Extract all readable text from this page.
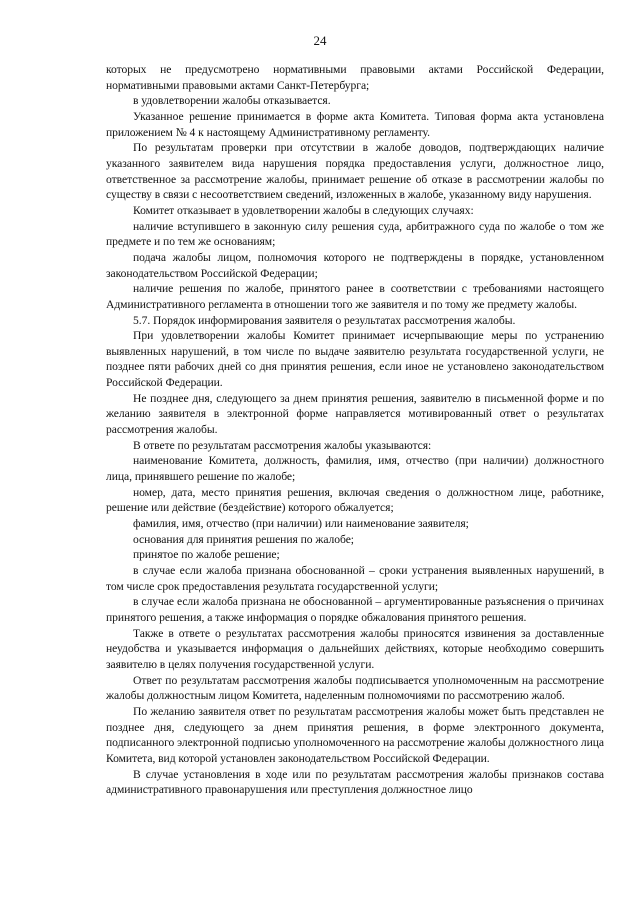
24

которых не предусмотрено нормативными правовыми актами Российской Федерации, нормативными правовыми актами Санкт-Петербурга;

в удовлетворении жалобы отказывается.

Указанное решение принимается в форме акта Комитета. Типовая форма акта установлена приложением № 4 к настоящему Административному регламенту.

По результатам проверки при отсутствии в жалобе доводов, подтверждающих наличие указанного заявителем вида нарушения порядка предоставления услуги, должностное лицо, ответственное за рассмотрение жалобы, принимает решение об отказе в рассмотрении жалобы по существу в связи с несоответствием сведений, изложенных в жалобе, указанному виду нарушения.

Комитет отказывает в удовлетворении жалобы в следующих случаях:

наличие вступившего в законную силу решения суда, арбитражного суда по жалобе о том же предмете и по тем же основаниям;

подача жалобы лицом, полномочия которого не подтверждены в порядке, установленном законодательством Российской Федерации;

наличие решения по жалобе, принятого ранее в соответствии с требованиями настоящего Административного регламента в отношении того же заявителя и по тому же предмету жалобы.

5.7. Порядок информирования заявителя о результатах рассмотрения жалобы.

При удовлетворении жалобы Комитет принимает исчерпывающие меры по устранению выявленных нарушений, в том числе по выдаче заявителю результата государственной услуги, не позднее пяти рабочих дней со дня принятия решения, если иное не установлено законодательством Российской Федерации.

Не позднее дня, следующего за днем принятия решения, заявителю в письменной форме и по желанию заявителя в электронной форме направляется мотивированный ответ о результатах рассмотрения жалобы.

В ответе по результатам рассмотрения жалобы указываются:

наименование Комитета, должность, фамилия, имя, отчество (при наличии) должностного лица, принявшего решение по жалобе;

номер, дата, место принятия решения, включая сведения о должностном лице, работнике, решение или действие (бездействие) которого обжалуется;

фамилия, имя, отчество (при наличии) или наименование заявителя;

основания для принятия решения по жалобе;

принятое по жалобе решение;

в случае если жалоба признана обоснованной – сроки устранения выявленных нарушений, в том числе срок предоставления результата государственной услуги;

в случае если жалоба признана не обоснованной – аргументированные разъяснения о причинах принятого решения, а также информация о порядке обжалования принятого решения.

Также в ответе о результатах рассмотрения жалобы приносятся извинения за доставленные неудобства и указывается информация о дальнейших действиях, которые необходимо совершить заявителю в целях получения государственной услуги.

Ответ по результатам рассмотрения жалобы подписывается уполномоченным на рассмотрение жалобы должностным лицом Комитета, наделенным полномочиями по рассмотрению жалоб.

По желанию заявителя ответ по результатам рассмотрения жалобы может быть представлен не позднее дня, следующего за днем принятия решения, в форме электронного документа, подписанного электронной подписью уполномоченного на рассмотрение жалобы должностного лица Комитета, вид которой установлен законодательством Российской Федерации.

В случае установления в ходе или по результатам рассмотрения жалобы признаков состава административного правонарушения или преступления должностное лицо
